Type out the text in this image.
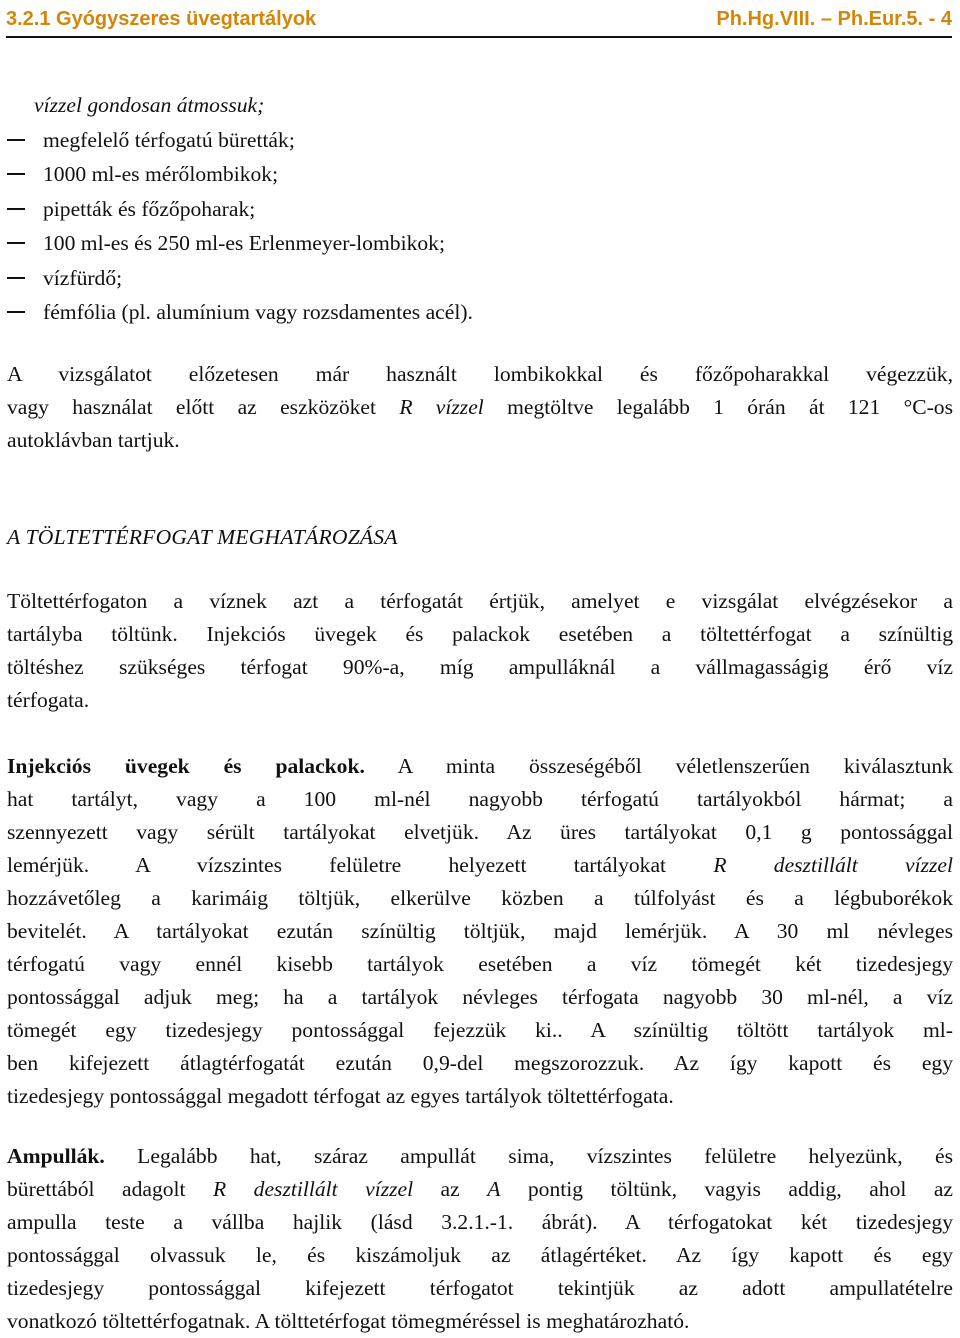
3.2.1 Gyógyszeres üvegtartályok	Ph.Hg.VIII. – Ph.Eur.5. - 4
vízzel gondosan átmossuk;
megfelelő térfogatú büretták;
1000 ml-es mérőlombikok;
pipetták és főzőpoharak;
100 ml-es és 250 ml-es Erlenmeyer-lombikok;
vízfürdő;
fémfólia (pl. alumínium vagy rozsdamentes acél).

A vizsgálatot előzetesen már használt lombikokkal és főzőpoharakkal végezzük,
vagy használat előtt az eszközöket R vízzel megtöltve legalább 1 órán át 121 °C-os
autoklávban tartjuk.

A TÖLTETTÉRFOGAT MEGHATÁROZÁSA

Töltettérfogaton a víznek azt a térfogatát értjük, amelyet e vizsgálat elvégzésekor a
tartályba töltünk. Injekciós üvegek és palackok esetében a töltettérfogat a színültig
töltéshez szükséges térfogat 90%-a, míg ampulláknál a vállmagasságig érő víz
térfogata.

Injekciós üvegek és palackok. A minta összeségéből véletlenszerűen kiválasztunk
hat tartályt, vagy a 100 ml-nél nagyobb térfogatú tartályokból hármat; a
szennyezett vagy sérült tartályokat elvetjük. Az üres tartályokat 0,1 g pontossággal
lemérjük. A vízszintes felületre helyezett tartályokat R desztillált vízzel
hozzávetőleg a karimáig töltjük, elkerülve közben a túlfolyást és a légbuborékok
bevitelét. A tartályokat ezután színültig töltjük, majd lemérjük. A 30 ml névleges
térfogatú vagy ennél kisebb tartályok esetében a víz tömegét két tizedesjegy
pontossággal adjuk meg; ha a tartályok névleges térfogata nagyobb 30 ml-nél, a víz
tömegét egy tizedesjegy pontossággal fejezzük ki.. A színültig töltött tartályok ml-
ben kifejezett átlagtérfogatát ezután 0,9-del megszorozzuk. Az így kapott és egy
tizedesjegy pontossággal megadott térfogat az egyes tartályok töltettérfogata.

Ampullák. Legalább hat, száraz ampullát sima, vízszintes felületre helyezünk, és
bürettából adagolt R desztillált vízzel az A pontig töltünk, vagyis addig, ahol az
ampulla teste a vállba hajlik (lásd 3.2.1.-1. ábrát). A térfogatokat két tizedesjegy
pontossággal olvassuk le, és kiszámoljuk az átlagértéket. Az így kapott és egy
tizedesjegy pontossággal kifejezett térfogatot tekintjük az adott ampullatételre
vonatkozó töltettérfogatnak. A tölttetérfogat tömegméréssel is meghatározható.
